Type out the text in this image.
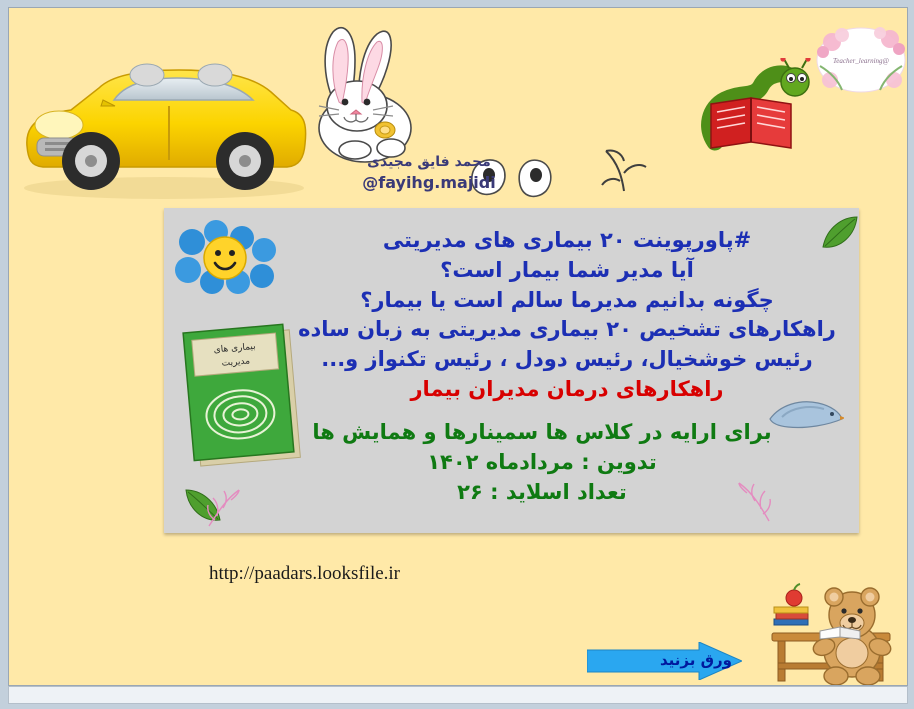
@Teacher_learning
محمد فایق مجیدی
@fayihg.majidi
#پاورپوینت ۲۰ بیماری های مدیریتی
آیا مدیر شما بیمار است؟
چگونه بدانیم مدیرما سالم است یا بیمار؟
راهکارهای تشخیص ۲۰ بیماری مدیریتی به زبان ساده
رئیس خوشخیال، رئیس دودل ، رئیس تکنواز و...
راهکارهای درمان مدیران بیمار
برای ارایه در کلاس ها سمینارها و همایش ها
تدوین : مردادماه ۱۴۰۲
تعداد اسلاید : ۲۶
بیماری های
مدیریت
http://paadars.looksfile.ir
ورق بزنید
